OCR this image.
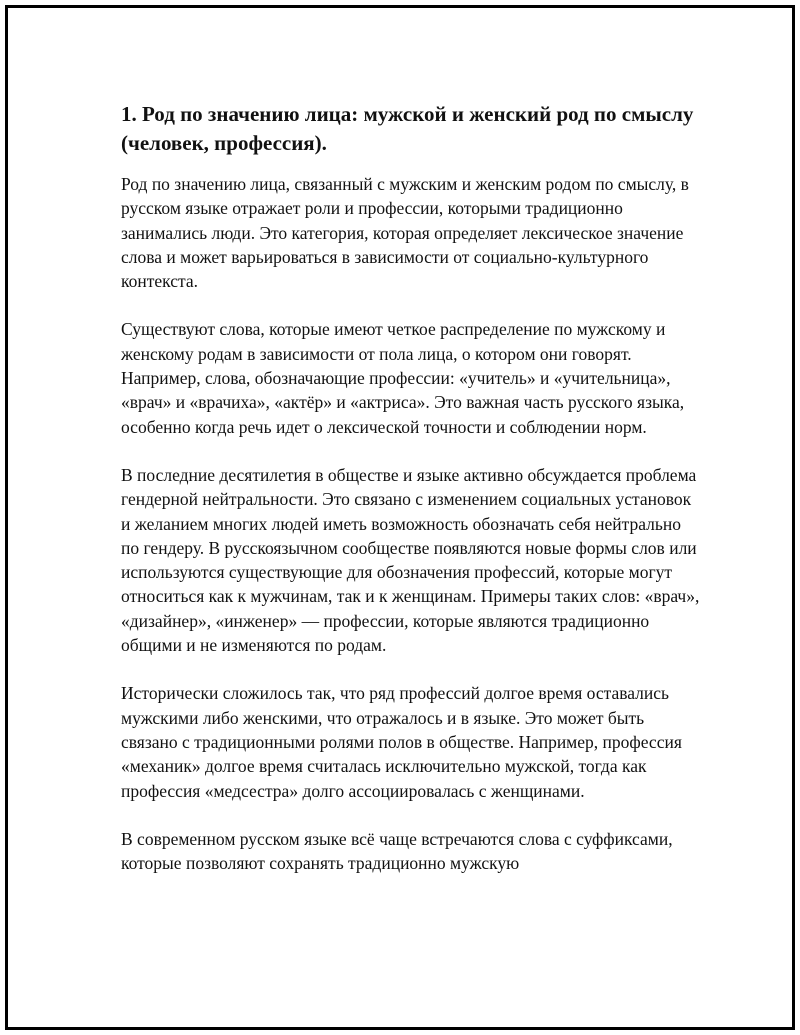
1. Род по значению лица: мужской и женский род по смыслу (человек, профессия).

Род по значению лица, связанный с мужским и женским родом по смыслу, в русском языке отражает роли и профессии, которыми традиционно занимались люди. Это категория, которая определяет лексическое значение слова и может варьироваться в зависимости от социально-культурного контекста.

Существуют слова, которые имеют четкое распределение по мужскому и женскому родам в зависимости от пола лица, о котором они говорят. Например, слова, обозначающие профессии: «учитель» и «учительница», «врач» и «врачиха», «актёр» и «актриса». Это важная часть русского языка, особенно когда речь идет о лексической точности и соблюдении норм.

В последние десятилетия в обществе и языке активно обсуждается проблема гендерной нейтральности. Это связано с изменением социальных установок и желанием многих людей иметь возможность обозначать себя нейтрально по гендеру. В русскоязычном сообществе появляются новые формы слов или используются существующие для обозначения профессий, которые могут относиться как к мужчинам, так и к женщинам. Примеры таких слов: «врач», «дизайнер», «инженер» — профессии, которые являются традиционно общими и не изменяются по родам.

Исторически сложилось так, что ряд профессий долгое время оставались мужскими либо женскими, что отражалось и в языке. Это может быть связано с традиционными ролями полов в обществе. Например, профессия «механик» долгое время считалась исключительно мужской, тогда как профессия «медсестра» долго ассоциировалась с женщинами.

В современном русском языке всё чаще встречаются слова с суффиксами, которые позволяют сохранять традиционно мужскую
